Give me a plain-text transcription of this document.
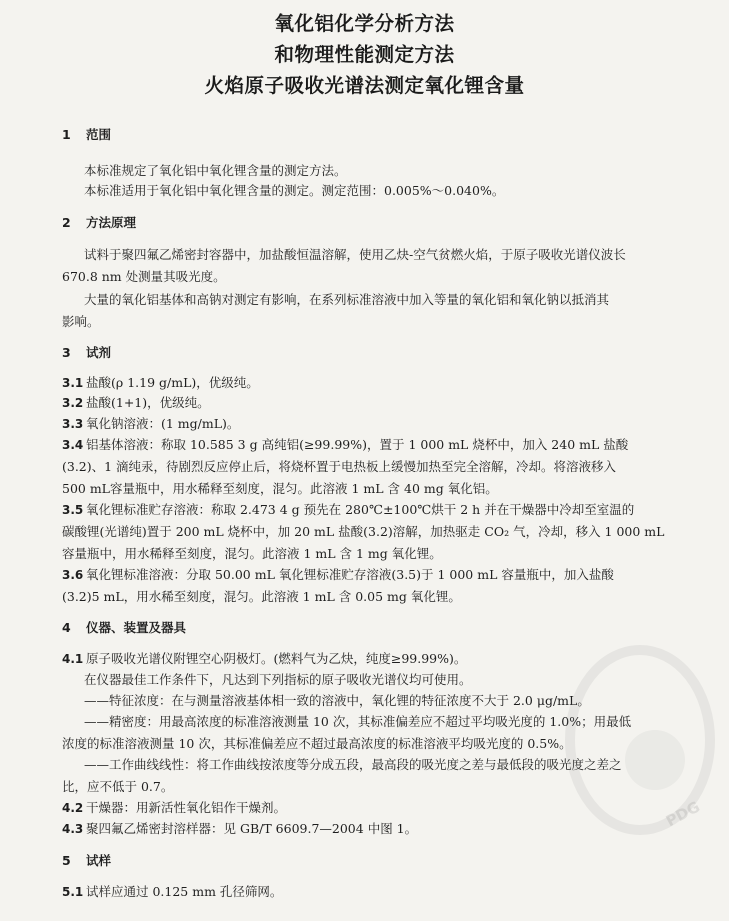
氧化铝化学分析方法
和物理性能测定方法
火焰原子吸收光谱法测定氧化锂含量
1 范围
本标准规定了氧化铝中氧化锂含量的测定方法。
本标准适用于氧化铝中氧化锂含量的测定。测定范围：0.005%～0.040%。
2 方法原理
试料于聚四氟乙烯密封容器中，加盐酸恒温溶解，使用乙炔-空气贫燃火焰，于原子吸收光谱仪波长
670.8 nm 处测量其吸光度。
大量的氧化铝基体和高钠对测定有影响，在系列标准溶液中加入等量的氧化铝和氧化钠以抵消其
影响。
3 试剂
3.1 盐酸(ρ 1.19 g/mL)，优级纯。
3.2 盐酸(1+1)，优级纯。
3.3 氧化钠溶液：(1 mg/mL)。
3.4 铝基体溶液：称取 10.585 3 g 高纯铝(≥99.99%)，置于 1 000 mL 烧杯中，加入 240 mL 盐酸
(3.2)、1 滴纯汞，待剧烈反应停止后，将烧杯置于电热板上缓慢加热至完全溶解，冷却。将溶液移入
500 mL容量瓶中，用水稀释至刻度，混匀。此溶液 1 mL 含 40 mg 氧化铝。
3.5 氧化锂标准贮存溶液：称取 2.473 4 g 预先在 280℃±100℃烘干 2 h 并在干燥器中冷却至室温的
碳酸锂(光谱纯)置于 200 mL 烧杯中，加 20 mL 盐酸(3.2)溶解，加热驱走 CO₂ 气，冷却，移入 1 000 mL
容量瓶中，用水稀释至刻度，混匀。此溶液 1 mL 含 1 mg 氧化锂。
3.6 氧化锂标准溶液：分取 50.00 mL 氧化锂标准贮存溶液(3.5)于 1 000 mL 容量瓶中，加入盐酸
(3.2)5 mL，用水稀至刻度，混匀。此溶液 1 mL 含 0.05 mg 氧化锂。
4 仪器、装置及器具
4.1 原子吸收光谱仪附锂空心阴极灯。(燃料气为乙炔，纯度≥99.99%)。
在仪器最佳工作条件下，凡达到下列指标的原子吸收光谱仪均可使用。
——特征浓度：在与测量溶液基体相一致的溶液中，氧化锂的特征浓度不大于 2.0 μg/mL。
——精密度：用最高浓度的标准溶液测量 10 次，其标准偏差应不超过平均吸光度的 1.0%；用最低
浓度的标准溶液测量 10 次，其标准偏差应不超过最高浓度的标准溶液平均吸光度的 0.5%。
——工作曲线线性：将工作曲线按浓度等分成五段，最高段的吸光度之差与最低段的吸光度之差之
比，应不低于 0.7。
4.2 干燥器：用新活性氧化铝作干燥剂。
4.3 聚四氟乙烯密封溶样器：见 GB/T 6609.7—2004 中图 1。
5 试样
5.1 试样应通过 0.125 mm 孔径筛网。
PDG
